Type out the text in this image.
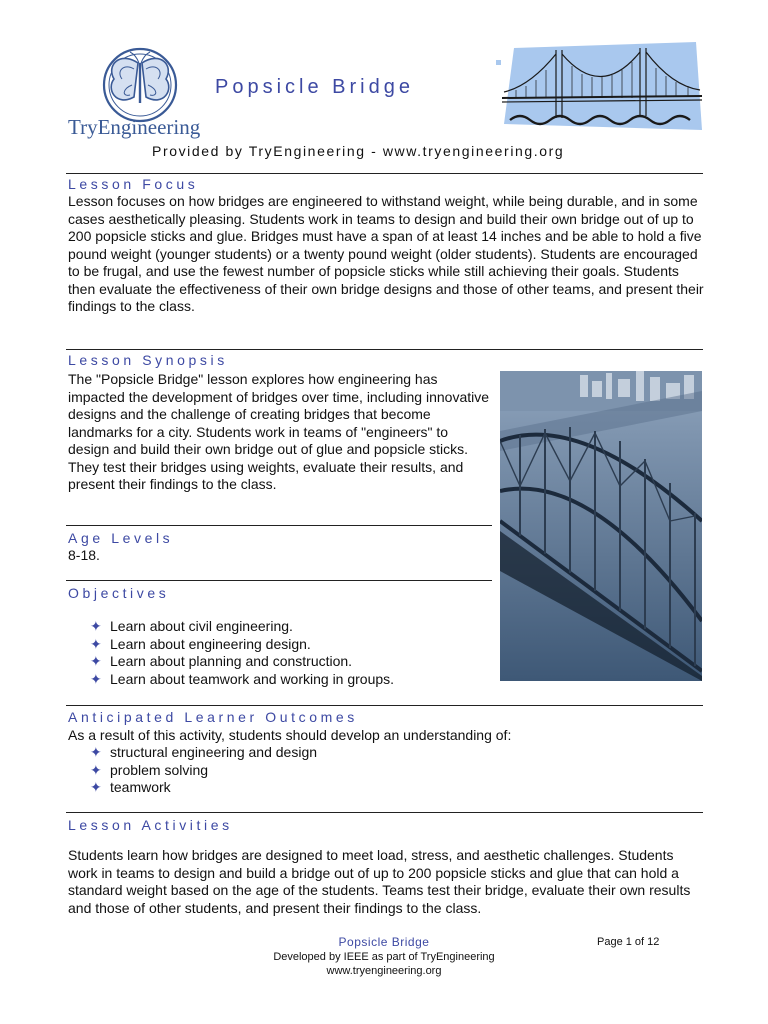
TryEngineering
Popsicle Bridge
Provided by TryEngineering - www.tryengineering.org
Lesson Focus
Lesson focuses on how bridges are engineered to withstand weight, while being durable, and in some cases aesthetically pleasing. Students work in teams to design and build their own bridge out of up to 200 popsicle sticks and glue. Bridges must have a span of at least 14 inches and be able to hold a five pound weight (younger students) or a twenty pound weight (older students). Students are encouraged to be frugal, and use the fewest number of popsicle sticks while still achieving their goals. Students then evaluate the effectiveness of their own bridge designs and those of other teams, and present their findings to the class.
Lesson Synopsis
The "Popsicle Bridge" lesson explores how engineering has impacted the development of bridges over time, including innovative designs and the challenge of creating bridges that become landmarks for a city. Students work in teams of "engineers" to design and build their own bridge out of glue and popsicle sticks. They test their bridges using weights, evaluate their results, and present their findings to the class.
Age Levels
8-18.
Objectives
✦ Learn about civil engineering.
✦ Learn about engineering design.
✦ Learn about planning and construction.
✦ Learn about teamwork and working in groups.
Anticipated Learner Outcomes
As a result of this activity, students should develop an understanding of:
✦ structural engineering and design
✦ problem solving
✦ teamwork
Lesson Activities
Students learn how bridges are designed to meet load, stress, and aesthetic challenges. Students work in teams to design and build a bridge out of up to 200 popsicle sticks and glue that can hold a standard weight based on the age of the students. Teams test their bridge, evaluate their own results and those of other students, and present their findings to the class.
Popsicle Bridge	Page 1 of 12
Developed by IEEE as part of TryEngineering
www.tryengineering.org
